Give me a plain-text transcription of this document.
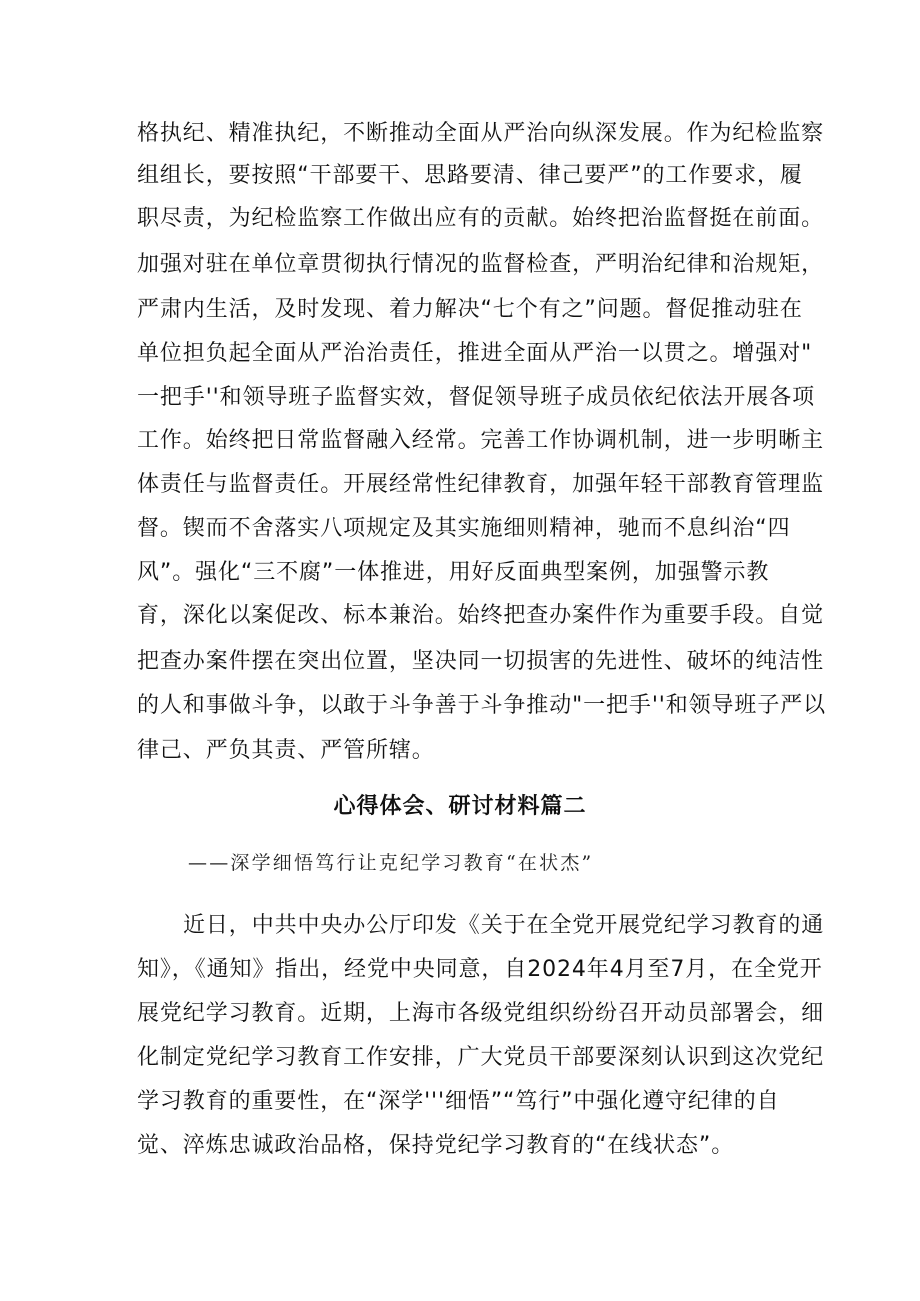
格执纪、精准执纪，不断推动全面从严治向纵深发展。作为纪检监察
组组长，要按照“干部要干、思路要清、律己要严”的工作要求，履
职尽责，为纪检监察工作做出应有的贡献。始终把治监督挺在前面。
加强对驻在单位章贯彻执行情况的监督检查，严明治纪律和治规矩，
严肃内生活，及时发现、着力解决“七个有之”问题。督促推动驻在
单位担负起全面从严治治责任，推进全面从严治一以贯之。增强对"
一把手''和领导班子监督实效，督促领导班子成员依纪依法开展各项
工作。始终把日常监督融入经常。完善工作协调机制，进一步明晰主
体责任与监督责任。开展经常性纪律教育，加强年轻干部教育管理监
督。锲而不舍落实八项规定及其实施细则精神，驰而不息纠治“四
风”。强化“三不腐”一体推进，用好反面典型案例，加强警示教
育，深化以案促改、标本兼治。始终把查办案件作为重要手段。自觉
把查办案件摆在突出位置，坚决同一切损害的先进性、破坏的纯洁性
的人和事做斗争，以敢于斗争善于斗争推动"一把手''和领导班子严以
律己、严负其责、严管所辖。
心得体会、研讨材料篇二
——深学细悟笃行让克纪学习教育“在状杰”
近日，中共中央办公厅印发《关于在全党开展党纪学习教育的通
知》，《通知》指出，经党中央同意，自2024年4月至7月，在全党开
展党纪学习教育。近期，上海市各级党组织纷纷召开动员部署会，细
化制定党纪学习教育工作安排，广大党员干部要深刻认识到这次党纪
学习教育的重要性，在“深学'''细悟”“笃行”中强化遵守纪律的自
觉、淬炼忠诚政治品格，保持党纪学习教育的“在线状态”。
